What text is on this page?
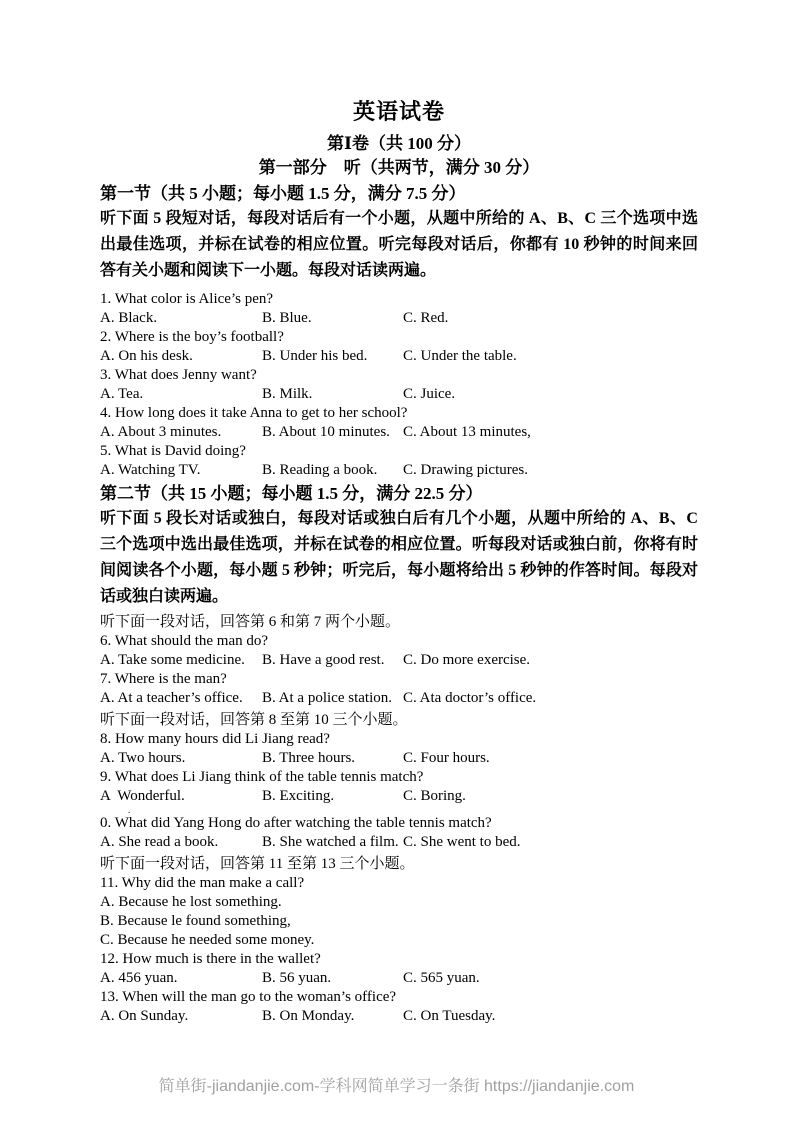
英语试卷
第Ⅰ卷（共 100 分）
第一部分　听（共两节，满分 30 分）
第一节（共 5 小题；每小题 1.5 分，满分 7.5 分）
听下面 5 段短对话，每段对话后有一个小题，从题中所给的 A、B、C 三个选项中选出最佳选项，并标在试卷的相应位置。听完每段对话后，你都有 10 秒钟的时间来回答有关小题和阅读下一小题。每段对话读两遍。
1. What color is Alice’s pen?
A. Black.	B. Blue.	C. Red.
2. Where is the boy’s football?
A. On his desk.	B. Under his bed.	C. Under the table.
3. What does Jenny want?
A. Tea.	B. Milk.	C. Juice.
4. How long does it take Anna to get to her school?
A. About 3 minutes.	B. About 10 minutes. C. About 13 minutes,
5. What is David doing?
A. Watching TV.	B. Reading a book.	C. Drawing pictures.
第二节（共 15 小题；每小题 1.5 分，满分 22.5 分）
听下面 5 段长对话或独白，每段对话或独白后有几个小题，从题中所给的 A、B、C 三个选项中选出最佳选项，并标在试卷的相应位置。听每段对话或独白前，你将有时间阅读各个小题，每小题 5 秒钟；听完后，每小题将给出 5 秒钟的作答时间。每段对话或独白读两遍。
听下面一段对话，回答第 6 和第 7 两个小题。
6. What should the man do?
A. Take some medicine.	B. Have a good rest.	C. Do more exercise.
7. Where is the man?
A. At a teacher’s office.	B. At a police station. C. Ata doctor’s office.
听下面一段对话，回答第 8 至第 10 三个小题。
8. How many hours did Li Jiang read?
A. Two hours.	B. Three hours.	C. Four hours.
9. What does Li Jiang think of the table tennis match?
A  Wonderful.	B. Exciting.	C. Boring.
.
0. What did Yang Hong do after watching the table tennis match?
A. She read a book.	B. She watched a film. C. She went to bed.
听下面一段对话，回答第 11 至第 13 三个小题。
11. Why did the man make a call?
A. Because he lost something.
B. Because le found something,
C. Because he needed some money.
12. How much is there in the wallet?
A. 456 yuan.	B. 56 yuan.	C. 565 yuan.
13. When will the man go to the woman’s office?
A. On Sunday.	B. On Monday.	C. On Tuesday.
简单街-jiandanjie.com-学科网简单学习一条街 https://jiandanjie.com
